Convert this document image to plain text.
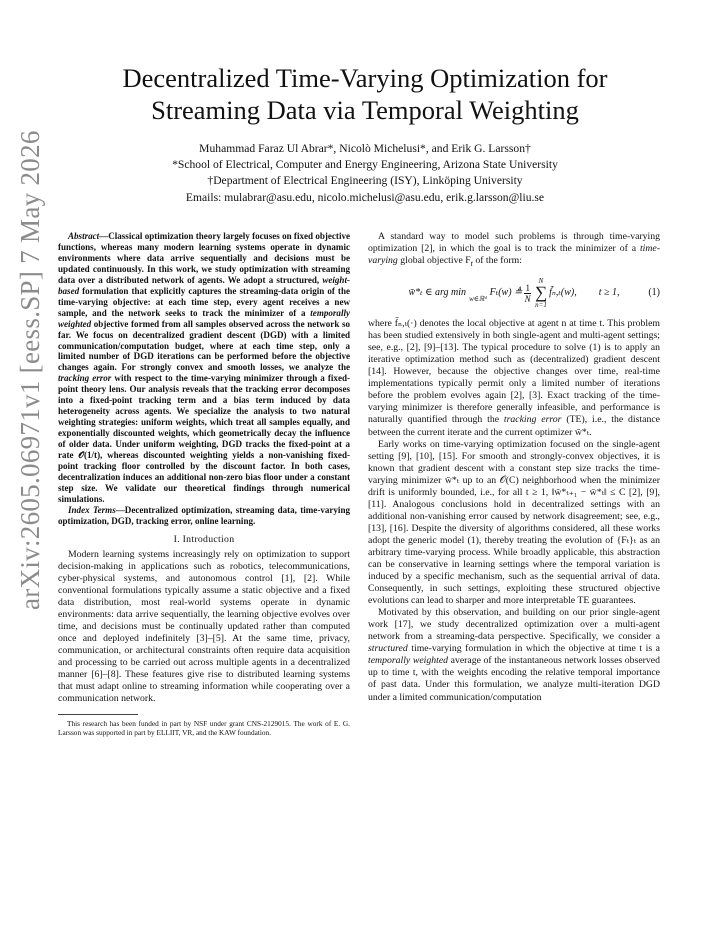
arXiv:2605.06971v1 [eess.SP] 7 May 2026
Decentralized Time-Varying Optimization for Streaming Data via Temporal Weighting
Muhammad Faraz Ul Abrar*, Nicolò Michelusi*, and Erik G. Larsson†
*School of Electrical, Computer and Energy Engineering, Arizona State University
†Department of Electrical Engineering (ISY), Linköping University
Emails: mulabrar@asu.edu, nicolo.michelusi@asu.edu, erik.g.larsson@liu.se

Abstract—Classical optimization theory largely focuses on fixed objective functions, whereas many modern learning systems operate in dynamic environments where data arrive sequentially and decisions must be updated continuously. In this work, we study optimization with streaming data over a distributed network of agents. We adopt a structured, weight-based formulation that explicitly captures the streaming-data origin of the time-varying objective: at each time step, every agent receives a new sample, and the network seeks to track the minimizer of a temporally weighted objective formed from all samples observed across the network so far. We focus on decentralized gradient descent (DGD) with a limited communication/computation budget, where at each time step, only a limited number of DGD iterations can be performed before the objective changes again. For strongly convex and smooth losses, we analyze the tracking error with respect to the time-varying minimizer through a fixed-point theory lens. Our analysis reveals that the tracking error decomposes into a fixed-point tracking term and a bias term induced by data heterogeneity across agents. We specialize the analysis to two natural weighting strategies: uniform weights, which treat all samples equally, and exponentially discounted weights, which geometrically decay the influence of older data. Under uniform weighting, DGD tracks the fixed-point at a rate 𝒪(1/t), whereas discounted weighting yields a non-vanishing fixed-point tracking floor controlled by the discount factor. In both cases, decentralization induces an additional non-zero bias floor under a constant step size. We validate our theoretical findings through numerical simulations.

Index Terms—Decentralized optimization, streaming data, time-varying optimization, DGD, tracking error, online learning.

I. Introduction

Modern learning systems increasingly rely on optimization to support decision-making in applications such as robotics, telecommunications, cyber-physical systems, and autonomous control [1], [2]. While conventional formulations typically assume a static objective and a fixed data distribution, most real-world systems operate in dynamic environments: data arrive sequentially, the learning objective evolves over time, and decisions must be continually updated rather than computed once and deployed indefinitely [3]–[5]. At the same time, privacy, communication, or architectural constraints often require data acquisition and processing to be carried out across multiple agents in a decentralized manner [6]–[8]. These features give rise to distributed learning systems that must adapt online to streaming information while cooperating over a communication network.

This research has been funded in part by NSF under grant CNS-2129015. The work of E. G. Larsson was supported in part by ELLIIT, VR, and the KAW foundation.

A standard way to model such problems is through time-varying optimization [2], in which the goal is to track the minimizer of a time-varying global objective $F_t$ of the form:

w̄*ₜ ∈ arg min

w∈ℝᵈ
Fₜ(w) ≜ $\frac{1}{N}$
N
∑
n=1
f̃ₙ,ₜ(w), t ≥ 1,	(1)

where f̃ₙ,ₜ(·) denotes the local objective at agent n at time t. This problem has been studied extensively in both single-agent and multi-agent settings; see, e.g., [2], [9]–[13]. The typical procedure to solve (1) is to apply an iterative optimization method such as (decentralized) gradient descent [14]. However, because the objective changes over time, real-time implementations typically permit only a limited number of iterations before the problem evolves again [2], [3]. Exact tracking of the time-varying minimizer is therefore generally infeasible, and performance is naturally quantified through the tracking error (TE), i.e., the distance between the current iterate and the current optimizer w̄*ₜ.

Early works on time-varying optimization focused on the single-agent setting [9], [10], [15]. For smooth and strongly-convex objectives, it is known that gradient descent with a constant step size tracks the time-varying minimizer w̄*ₜ up to an 𝒪(C) neighborhood when the minimizer drift is uniformly bounded, i.e., for all t ≥ 1, ‖w̄*ₜ₊₁ − w̄*ₜ‖ ≤ C [2], [9], [11]. Analogous conclusions hold in decentralized settings with an additional non-vanishing error caused by network disagreement; see, e.g., [13], [16]. Despite the diversity of algorithms considered, all these works adopt the generic model (1), thereby treating the evolution of {Fₜ}ₜ as an arbitrary time-varying process. While broadly applicable, this abstraction can be conservative in learning settings where the temporal variation is induced by a specific mechanism, such as the sequential arrival of data. Consequently, in such settings, exploiting these structured objective evolutions can lead to sharper and more interpretable TE guarantees.

Motivated by this observation, and building on our prior single-agent work [17], we study decentralized optimization over a multi-agent network from a streaming-data perspective. Specifically, we consider a structured time-varying formulation in which the objective at time t is a temporally weighted average of the instantaneous network losses observed up to time t, with the weights encoding the relative temporal importance of past data. Under this formulation, we analyze multi-iteration DGD under a limited communication/computation
